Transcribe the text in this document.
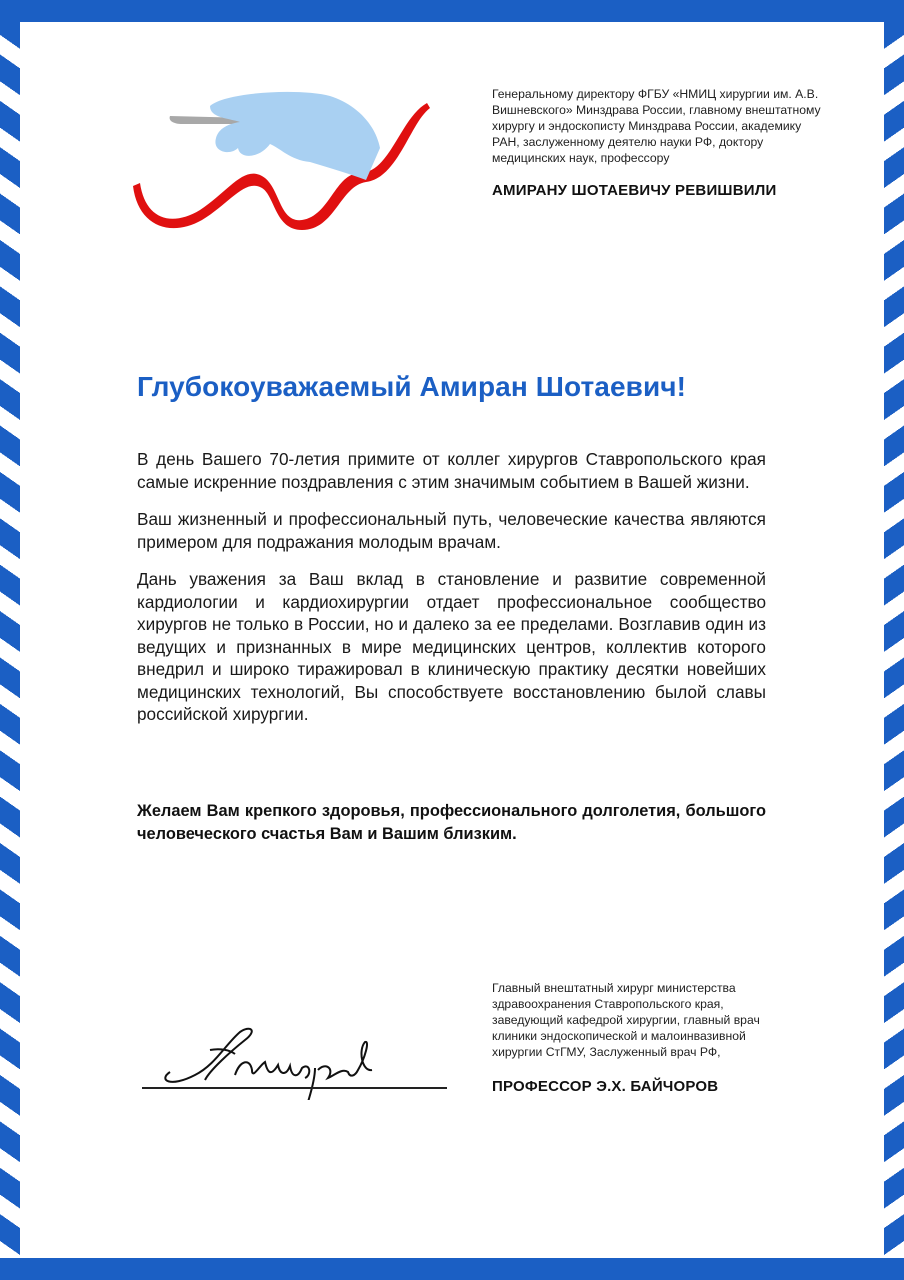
Генеральному директору ФГБУ «НМИЦ хирургии им. А.В. Вишневского» Минздрава России, главному внештатному хирургу и эндоскописту Минздрава России, академику РАН, заслуженному деятелю науки РФ, доктору медицинских наук, профессору

АМИРАНУ ШОТАЕВИЧУ РЕВИШВИЛИ

Глубокоуважаемый Амиран Шотаевич!

В день Вашего 70-летия примите от коллег хирургов Ставропольского края самые искренние поздравления с этим значимым событием в Вашей жизни.

Ваш жизненный и профессиональный путь, человеческие качества являются примером для подражания молодым врачам.

Дань уважения за Ваш вклад в становление и развитие современной кардиологии и кардиохирургии отдает профессиональное сообщество хирургов не только в России, но и далеко за ее пределами. Возглавив один из ведущих и признанных в мире медицинских центров, коллектив которого внедрил и широко тиражировал в клиническую практику десятки новейших медицинских технологий, Вы способствуете восстановлению былой славы российской хирургии.

Желаем Вам крепкого здоровья, профессионального долголетия, большого человеческого счастья Вам и Вашим близким.

Главный внештатный хирург министерства здравоохранения Ставропольского края, заведующий кафедрой хирургии, главный врач клиники эндоскопической и малоинвазивной хирургии СтГМУ, Заслуженный врач РФ,

ПРОФЕССОР Э.Х. БАЙЧОРОВ
